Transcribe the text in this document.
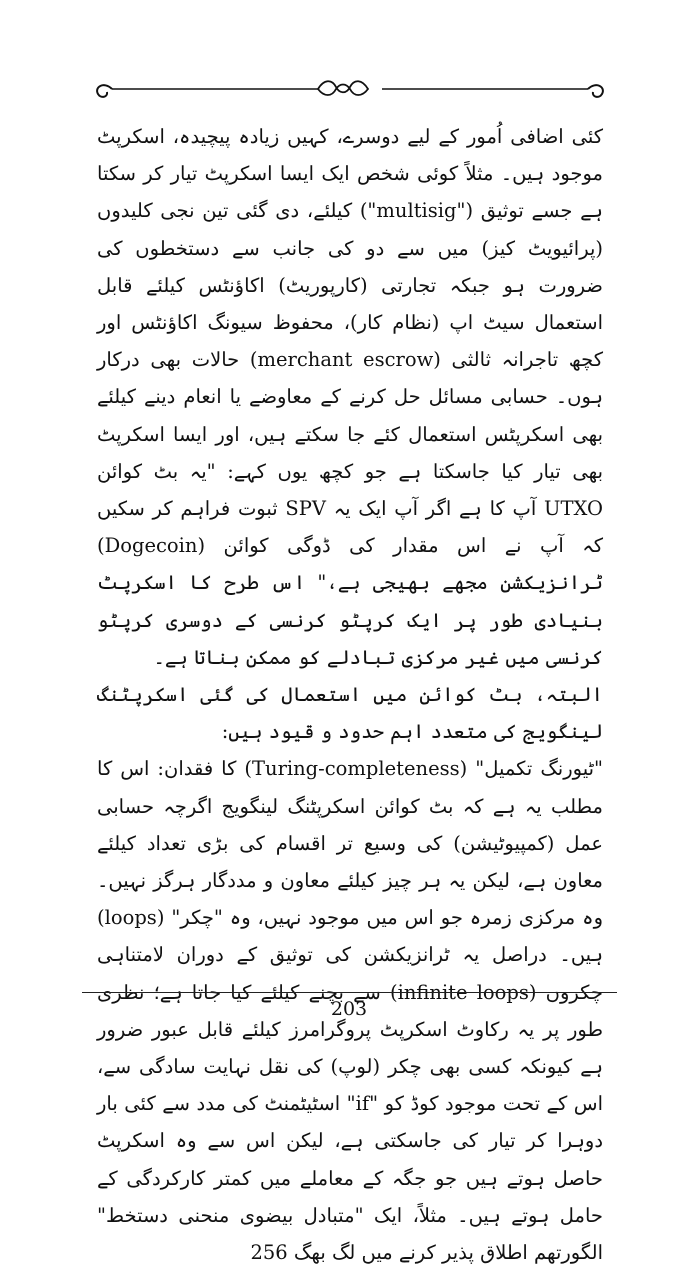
کئی اضافی اُمور کے لیے دوسرے، کہیں زیادہ پیچیدہ، اسکرپٹ موجود ہیں۔ مثلاً کوئی شخص ایک ایسا اسکرپٹ تیار کر سکتا ہے جسے توثیق ("multisig") کیلئے، دی گئی تین نجی کلیدوں (پرائیویٹ کیز) میں سے دو کی جانب سے دستخطوں کی ضرورت ہو جبکہ تجارتی (کارپوریٹ) اکاؤنٹس کیلئے قابل استعمال سیٹ اپ (نظام کار)، محفوظ سیونگ اکاؤنٹس اور کچھ تاجرانہ ثالثی (merchant escrow) حالات بھی درکار ہوں۔ حسابی مسائل حل کرنے کے معاوضے یا انعام دینے کیلئے بھی اسکرپٹس استعمال کئے جا سکتے ہیں، اور ایسا اسکرپٹ بھی تیار کیا جاسکتا ہے جو کچھ یوں کہے: "یہ بٹ کوائن UTXO آپ کا ہے اگر آپ ایک یہ SPV ثبوت فراہم کر سکیں کہ آپ نے اس مقدار کی ڈوگی کوائن (Dogecoin) ٹرانزیکشن مجھے بھیجی ہے،" اس طرح کا اسکرپٹ بنیادی طور پر ایک کرپٹو کرنسی کے دوسری کرپٹو کرنسی میں غیر مرکزی تبادلے کو ممکن بناتا ہے۔

البتہ، بٹ کوائن میں استعمال کی گئی اسکرپٹنگ لینگویج کی متعدد اہم حدود و قیود ہیں:

"ٹیورنگ تکمیل" (Turing-completeness) کا فقدان: اس کا مطلب یہ ہے کہ بٹ کوائن اسکرپٹنگ لینگویج اگرچہ حسابی عمل (کمپیوٹیشن) کی وسیع تر اقسام کی بڑی تعداد کیلئے معاون ہے، لیکن یہ ہر چیز کیلئے معاون و مددگار ہرگز نہیں۔ وہ مرکزی زمرہ جو اس میں موجود نہیں، وہ "چکر" (loops) ہیں۔ دراصل یہ ٹرانزیکشن کی توثیق کے دوران لامتناہی چکروں (infinite loops) سے بچنے کیلئے کیا جاتا ہے؛ نظری طور پر یہ رکاوٹ اسکرپٹ پروگرامرز کیلئے قابل عبور ضرور ہے کیونکہ کسی بھی چکر (لوپ) کی نقل نہایت سادگی سے، اس کے تحت موجود کوڈ کو "if" اسٹیٹمنٹ کی مدد سے کئی بار دوہرا کر تیار کی جاسکتی ہے، لیکن اس سے وہ اسکرپٹ حاصل ہوتے ہیں جو جگہ کے معاملے میں کمتر کارکردگی کے حامل ہوتے ہیں۔ مثلاً، ایک "متبادل بیضوی منحنی دستخط" الگورتھم اطلاق پذیر کرنے میں لگ بھگ 256

203
